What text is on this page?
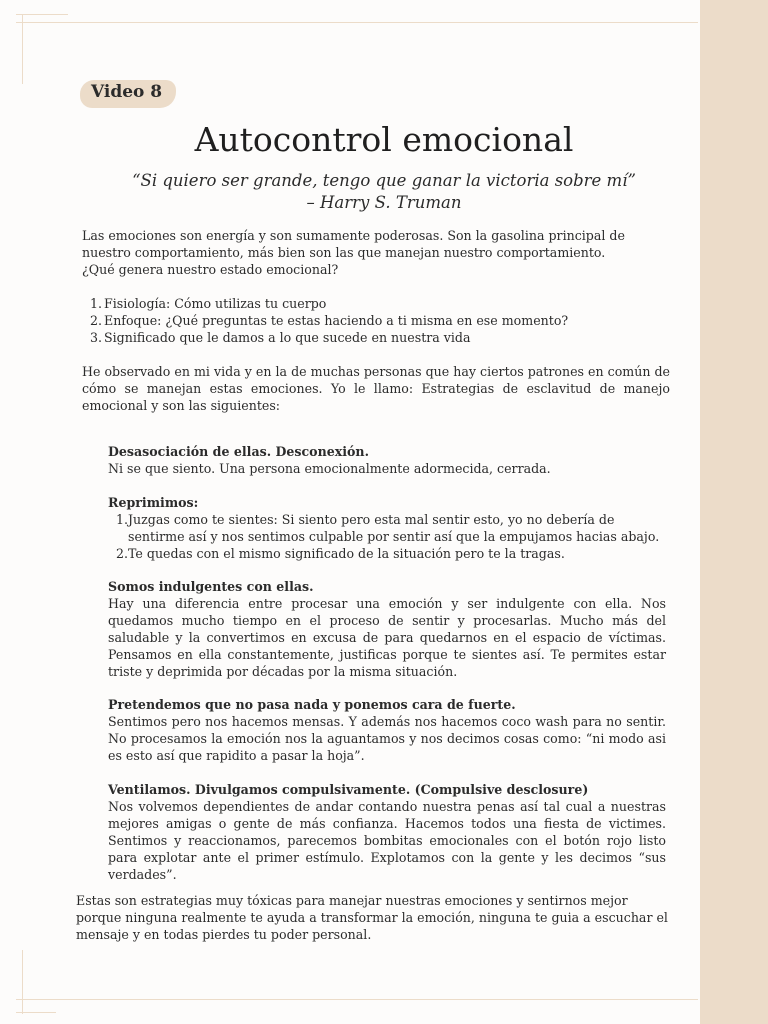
Video 8
Autocontrol emocional
“Si quiero ser grande, tengo que ganar la victoria sobre mí”
– Harry S. Truman

Las emociones son energía y son sumamente poderosas. Son la gasolina principal de nuestro comportamiento, más bien son las que manejan nuestro comportamiento.
¿Qué genera nuestro estado emocional?

1. Fisiología: Cómo utilizas tu cuerpo
2. Enfoque: ¿Qué preguntas te estas haciendo a ti misma en ese momento?
3. Significado que le damos a lo que sucede en nuestra vida

He observado en mi vida y en la de muchas personas que hay ciertos patrones en común de cómo se manejan estas emociones. Yo le llamo: Estrategias de esclavitud de manejo emocional y son las siguientes:

Desasociación de ellas. Desconexión.
Ni se que siento. Una persona emocionalmente adormecida, cerrada.
Reprimimos:
1. Juzgas como te sientes: Si siento pero esta mal sentir esto, yo no debería de sentirme así y nos sentimos culpable por sentir así que la empujamos hacias abajo.
2. Te quedas con el mismo significado de la situación pero te la tragas.
Somos indulgentes con ellas.
Hay una diferencia entre procesar una emoción y ser indulgente con ella. Nos quedamos mucho tiempo en el proceso de sentir y procesarlas. Mucho más del saludable y la convertimos en excusa de para quedarnos en el espacio de víctimas. Pensamos en ella constantemente, justificas porque te sientes así. Te permites estar triste y deprimida por décadas por la misma situación.
Pretendemos que no pasa nada y ponemos cara de fuerte.
Sentimos pero nos hacemos mensas. Y además nos hacemos coco wash para no sentir. No procesamos la emoción nos la aguantamos y nos decimos cosas como: “ni modo asi es esto así que rapidito a pasar la hoja”.
Ventilamos. Divulgamos compulsivamente. (Compulsive desclosure)
Nos volvemos dependientes de andar contando nuestra penas así tal cual a nuestras mejores amigas o gente de más confianza. Hacemos todos una fiesta de victimes. Sentimos y reaccionamos, parecemos bombitas emocionales con el botón rojo listo para explotar ante el primer estímulo. Explotamos con la gente y les decimos “sus verdades”.

Estas son estrategias muy tóxicas para manejar nuestras emociones y sentirnos mejor porque ninguna realmente te ayuda a transformar la emoción, ninguna te guia a escuchar el mensaje y en todas pierdes tu poder personal.
